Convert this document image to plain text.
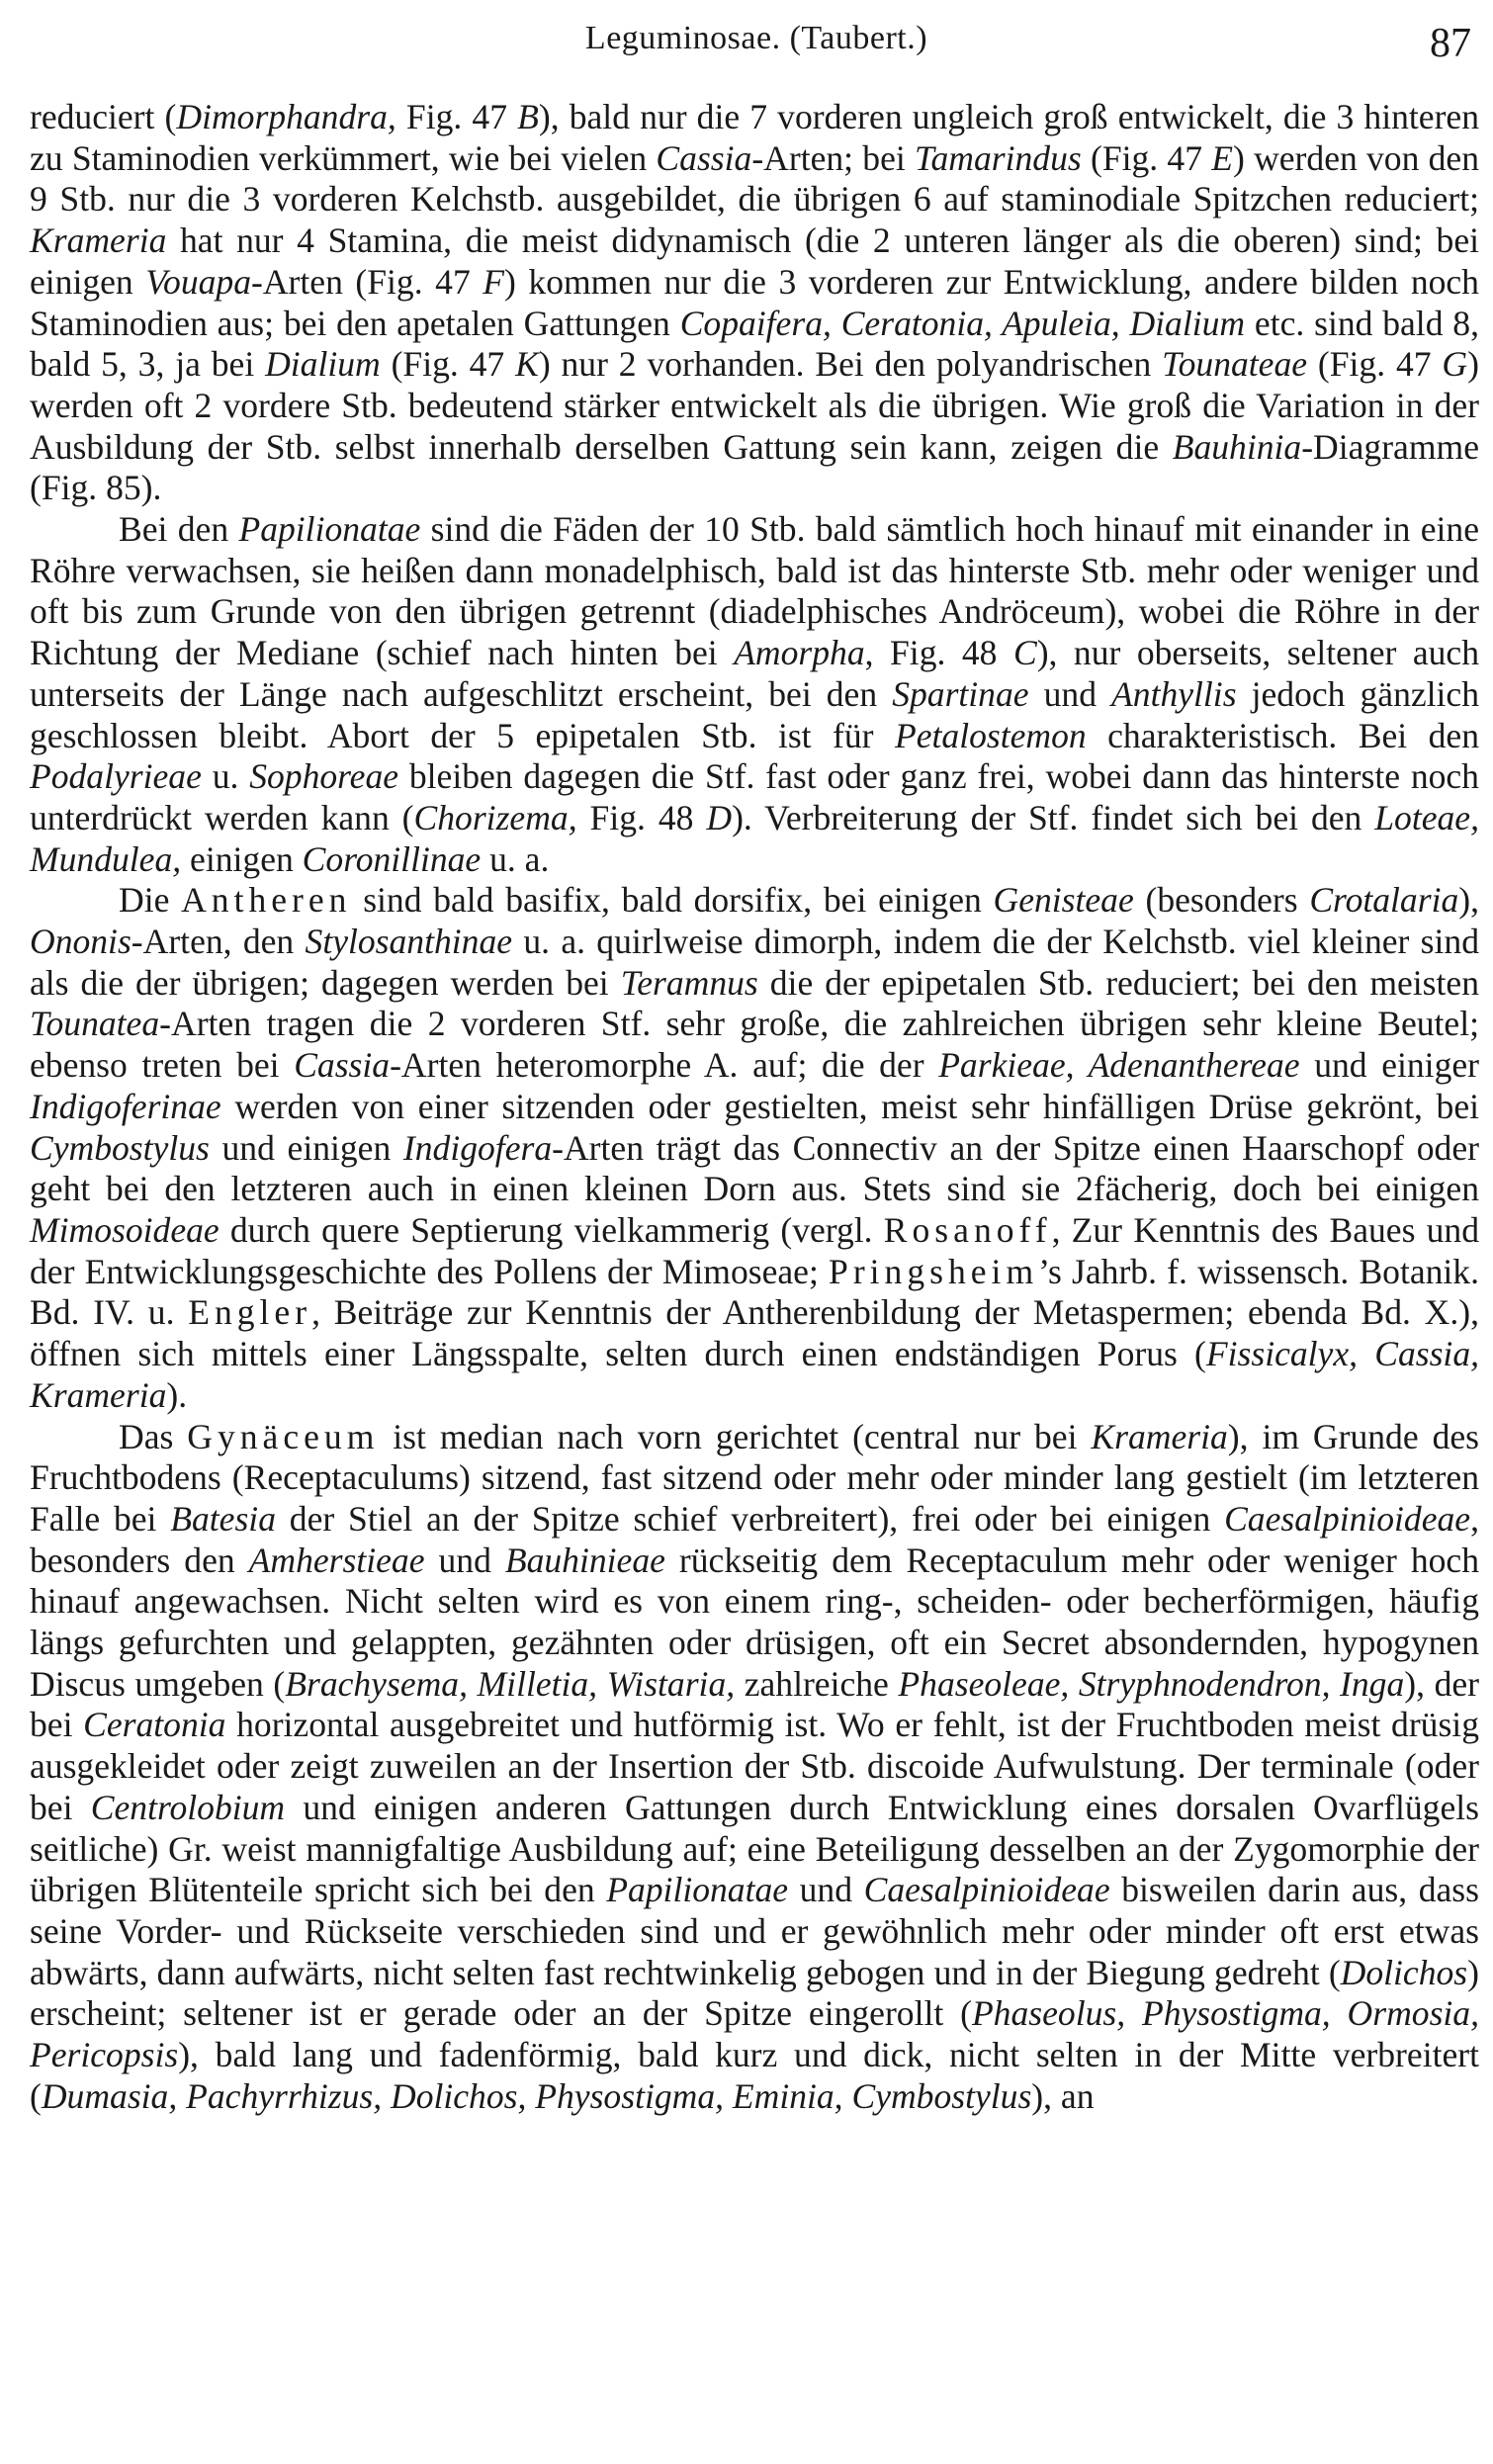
Leguminosae. (Taubert.)	87

reduciert (Dimorphandra, Fig. 47 B), bald nur die 7 vorderen ungleich groß entwickelt, die 3 hinteren zu Staminodien verkümmert, wie bei vielen Cassia-Arten; bei Tamarindus (Fig. 47 E) werden von den 9 Stb. nur die 3 vorderen Kelchstb. ausgebildet, die übrigen 6 auf staminodiale Spitzchen reduciert; Krameria hat nur 4 Stamina, die meist didynamisch (die 2 unteren länger als die oberen) sind; bei einigen Vouapa-Arten (Fig. 47 F) kommen nur die 3 vorderen zur Entwicklung, andere bilden noch Staminodien aus; bei den apetalen Gattungen Copaifera, Ceratonia, Apuleia, Dialium etc. sind bald 8, bald 5, 3, ja bei Dialium (Fig. 47 K) nur 2 vorhanden. Bei den polyandrischen Tounateae (Fig. 47 G) werden oft 2 vordere Stb. bedeutend stärker entwickelt als die übrigen. Wie groß die Variation in der Ausbildung der Stb. selbst innerhalb derselben Gattung sein kann, zeigen die Bauhinia-Diagramme (Fig. 85).

Bei den Papilionatae sind die Fäden der 10 Stb. bald sämtlich hoch hinauf mit einander in eine Röhre verwachsen, sie heißen dann monadelphisch, bald ist das hinterste Stb. mehr oder weniger und oft bis zum Grunde von den übrigen getrennt (diadelphisches Andröceum), wobei die Röhre in der Richtung der Mediane (schief nach hinten bei Amorpha, Fig. 48 C), nur oberseits, seltener auch unterseits der Länge nach aufgeschlitzt erscheint, bei den Spartinae und Anthyllis jedoch gänzlich geschlossen bleibt. Abort der 5 epipetalen Stb. ist für Petalostemon charakteristisch. Bei den Podalyrieae u. Sophoreae bleiben dagegen die Stf. fast oder ganz frei, wobei dann das hinterste noch unterdrückt werden kann (Chorizema, Fig. 48 D). Verbreiterung der Stf. findet sich bei den Loteae, Mundulea, einigen Coronillinae u. a.

Die Antheren sind bald basifix, bald dorsifix, bei einigen Genisteae (besonders Crotalaria), Ononis-Arten, den Stylosanthinae u. a. quirlweise dimorph, indem die der Kelchstb. viel kleiner sind als die der übrigen; dagegen werden bei Teramnus die der epipetalen Stb. reduciert; bei den meisten Tounatea-Arten tragen die 2 vorderen Stf. sehr große, die zahlreichen übrigen sehr kleine Beutel; ebenso treten bei Cassia-Arten heteromorphe A. auf; die der Parkieae, Adenanthereae und einiger Indigoferinae werden von einer sitzenden oder gestielten, meist sehr hinfälligen Drüse gekrönt, bei Cymbostylus und einigen Indigofera-Arten trägt das Connectiv an der Spitze einen Haarschopf oder geht bei den letzteren auch in einen kleinen Dorn aus. Stets sind sie 2fächerig, doch bei einigen Mimosoideae durch quere Septierung vielkammerig (vergl. Rosanoff, Zur Kenntnis des Baues und der Entwicklungsgeschichte des Pollens der Mimoseae; Pringsheim’s Jahrb. f. wissensch. Botanik. Bd. IV. u. Engler, Beiträge zur Kenntnis der Antherenbildung der Metaspermen; ebenda Bd. X.), öffnen sich mittels einer Längsspalte, selten durch einen endständigen Porus (Fissicalyx, Cassia, Krameria).

Das Gynäceum ist median nach vorn gerichtet (central nur bei Krameria), im Grunde des Fruchtbodens (Receptaculums) sitzend, fast sitzend oder mehr oder minder lang gestielt (im letzteren Falle bei Batesia der Stiel an der Spitze schief verbreitert), frei oder bei einigen Caesalpinioideae, besonders den Amherstieae und Bauhinieae rückseitig dem Receptaculum mehr oder weniger hoch hinauf angewachsen. Nicht selten wird es von einem ring-, scheiden- oder becherförmigen, häufig längs gefurchten und gelappten, gezähnten oder drüsigen, oft ein Secret absondernden, hypogynen Discus umgeben (Brachysema, Milletia, Wistaria, zahlreiche Phaseoleae, Stryphnodendron, Inga), der bei Ceratonia horizontal ausgebreitet und hutförmig ist. Wo er fehlt, ist der Fruchtboden meist drüsig ausgekleidet oder zeigt zuweilen an der Insertion der Stb. discoide Aufwulstung. Der terminale (oder bei Centrolobium und einigen anderen Gattungen durch Entwicklung eines dorsalen Ovarflügels seitliche) Gr. weist mannigfaltige Ausbildung auf; eine Beteiligung desselben an der Zygomorphie der übrigen Blütenteile spricht sich bei den Papilionatae und Caesalpinioideae bisweilen darin aus, dass seine Vorder- und Rückseite verschieden sind und er gewöhnlich mehr oder minder oft erst etwas abwärts, dann aufwärts, nicht selten fast rechtwinkelig gebogen und in der Biegung gedreht (Dolichos) erscheint; seltener ist er gerade oder an der Spitze eingerollt (Phaseolus, Physostigma, Ormosia, Pericopsis), bald lang und fadenförmig, bald kurz und dick, nicht selten in der Mitte verbreitert (Dumasia, Pachyrrhizus, Dolichos, Physostigma, Eminia, Cymbostylus), an
